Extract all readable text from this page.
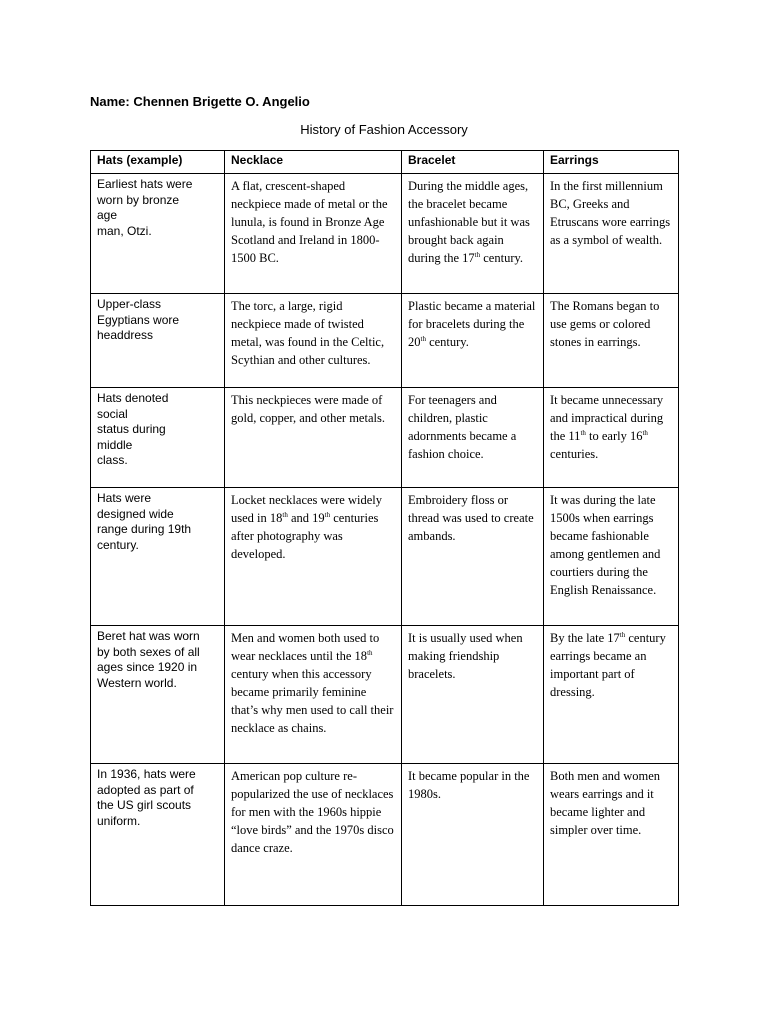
Name: Chennen Brigette O. Angelio
History of Fashion Accessory
Hats (example)	Necklace	Bracelet	Earrings
Earliest hats were
worn by bronze
age
man, Otzi.	A flat, crescent-shaped neckpiece made of metal or the lunula, is found in Bronze Age Scotland and Ireland in 1800-1500 BC.	During the middle ages, the bracelet became unfashionable but it was brought back again during the 17th century.	In the first millennium BC, Greeks and Etruscans wore earrings as a symbol of wealth.
Upper-class
Egyptians wore
headdress	The torc, a large, rigid neckpiece made of twisted metal, was found in the Celtic, Scythian and other cultures.	Plastic became a material for bracelets during the 20th century.	The Romans began to use gems or colored stones in earrings.
Hats denoted
social
status during
middle
class.	This neckpieces were made of gold, copper, and other metals.	For teenagers and children, plastic adornments became a fashion choice.	It became unnecessary and impractical during the 11th to early 16th centuries.
Hats were
designed wide
range during 19th
century.	Locket necklaces were widely used in 18th and 19th centuries after photography was developed.	Embroidery floss or thread was used to create ambands.	It was during the late 1500s when earrings became fashionable among gentlemen and courtiers during the English Renaissance.
Beret hat was worn
by both sexes of all
ages since 1920 in
Western world.	Men and women both used to wear necklaces until the 18th century when this accessory became primarily feminine that’s why men used to call their necklace as chains.	It is usually used when making friendship bracelets.	By the late 17th century earrings became an important part of dressing.
In 1936, hats were
adopted as part of
the US girl scouts
uniform.	American pop culture re-popularized the use of necklaces for men with the 1960s hippie “love birds” and the 1970s disco dance craze.	It became popular in the 1980s.	Both men and women wears earrings and it became lighter and simpler over time.
